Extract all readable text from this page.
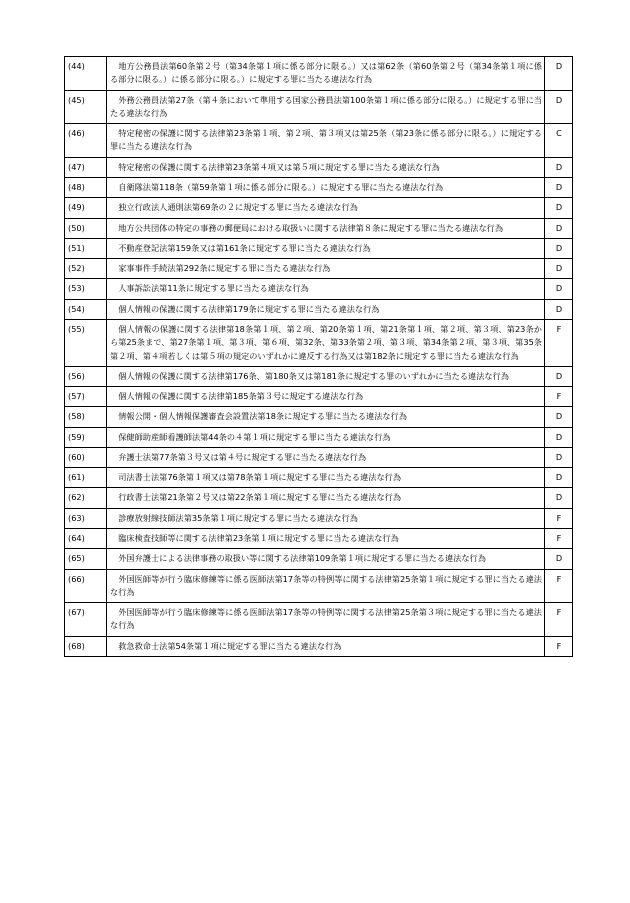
(44)	　地方公務員法第60条第２号（第34条第１項に係る部分に限る。）又は第62条（第60条第２号（第34条第１項に係る部分に限る。）に係る部分に限る。）に規定する罪に当たる違法な行為	D
(45)	　外務公務員法第27条（第４条において準用する国家公務員法第100条第１項に係る部分に限る。）に規定する罪に当たる違法な行為	D
(46)	　特定秘密の保護に関する法律第23条第１項、第２項、第３項又は第25条（第23条に係る部分に限る。）に規定する罪に当たる違法な行為	C
(47)	　特定秘密の保護に関する法律第23条第４項又は第５項に規定する罪に当たる違法な行為	D
(48)	　自衛隊法第118条（第59条第１項に係る部分に限る。）に規定する罪に当たる違法な行為	D
(49)	　独立行政法人通則法第69条の２に規定する罪に当たる違法な行為	D
(50)	　地方公共団体の特定の事務の郵便局における取扱いに関する法律第８条に規定する罪に当たる違法な行為	D
(51)	　不動産登記法第159条又は第161条に規定する罪に当たる違法な行為	D
(52)	　家事事件手続法第292条に規定する罪に当たる違法な行為	D
(53)	　人事訴訟法第11条に規定する罪に当たる違法な行為	D
(54)	　個人情報の保護に関する法律第179条に規定する罪に当たる違法な行為	D
(55)	　個人情報の保護に関する法律第18条第１項、第２項、第20条第１項、第21条第１項、第２項、第３項、第23条から第25条まで、第27条第１項、第３項、第６項、第32条、第33条第２項、第３項、第34条第２項、第３項、第35条第２項、第４項若しくは第５項の規定のいずれかに違反する行為又は第182条に規定する罪に当たる違法な行為	F
(56)	　個人情報の保護に関する法律第176条、第180条又は第181条に規定する罪のいずれかに当たる違法な行為	D
(57)	　個人情報の保護に関する法律第185条第３号に規定する違法な行為	F
(58)	　情報公開・個人情報保護審査会設置法第18条に規定する罪に当たる違法な行為	D
(59)	　保健師助産師看護師法第44条の４第１項に規定する罪に当たる違法な行為	D
(60)	　弁護士法第77条第３号又は第４号に規定する罪に当たる違法な行為	D
(61)	　司法書士法第76条第１項又は第78条第１項に規定する罪に当たる違法な行為	D
(62)	　行政書士法第21条第２号又は第22条第１項に規定する罪に当たる違法な行為	D
(63)	　診療放射線技師法第35条第１項に規定する罪に当たる違法な行為	F
(64)	　臨床検査技師等に関する法律第23条第１項に規定する罪に当たる違法な行為	F
(65)	　外国弁護士による法律事務の取扱い等に関する法律第109条第１項に規定する罪に当たる違法な行為	D
(66)	　外国医師等が行う臨床修練等に係る医師法第17条等の特例等に関する法律第25条第１項に規定する罪に当たる違法な行為	F
(67)	　外国医師等が行う臨床修練等に係る医師法第17条等の特例等に関する法律第25条第３項に規定する罪に当たる違法な行為	F
(68)	　救急救命士法第54条第１項に規定する罪に当たる違法な行為	F
